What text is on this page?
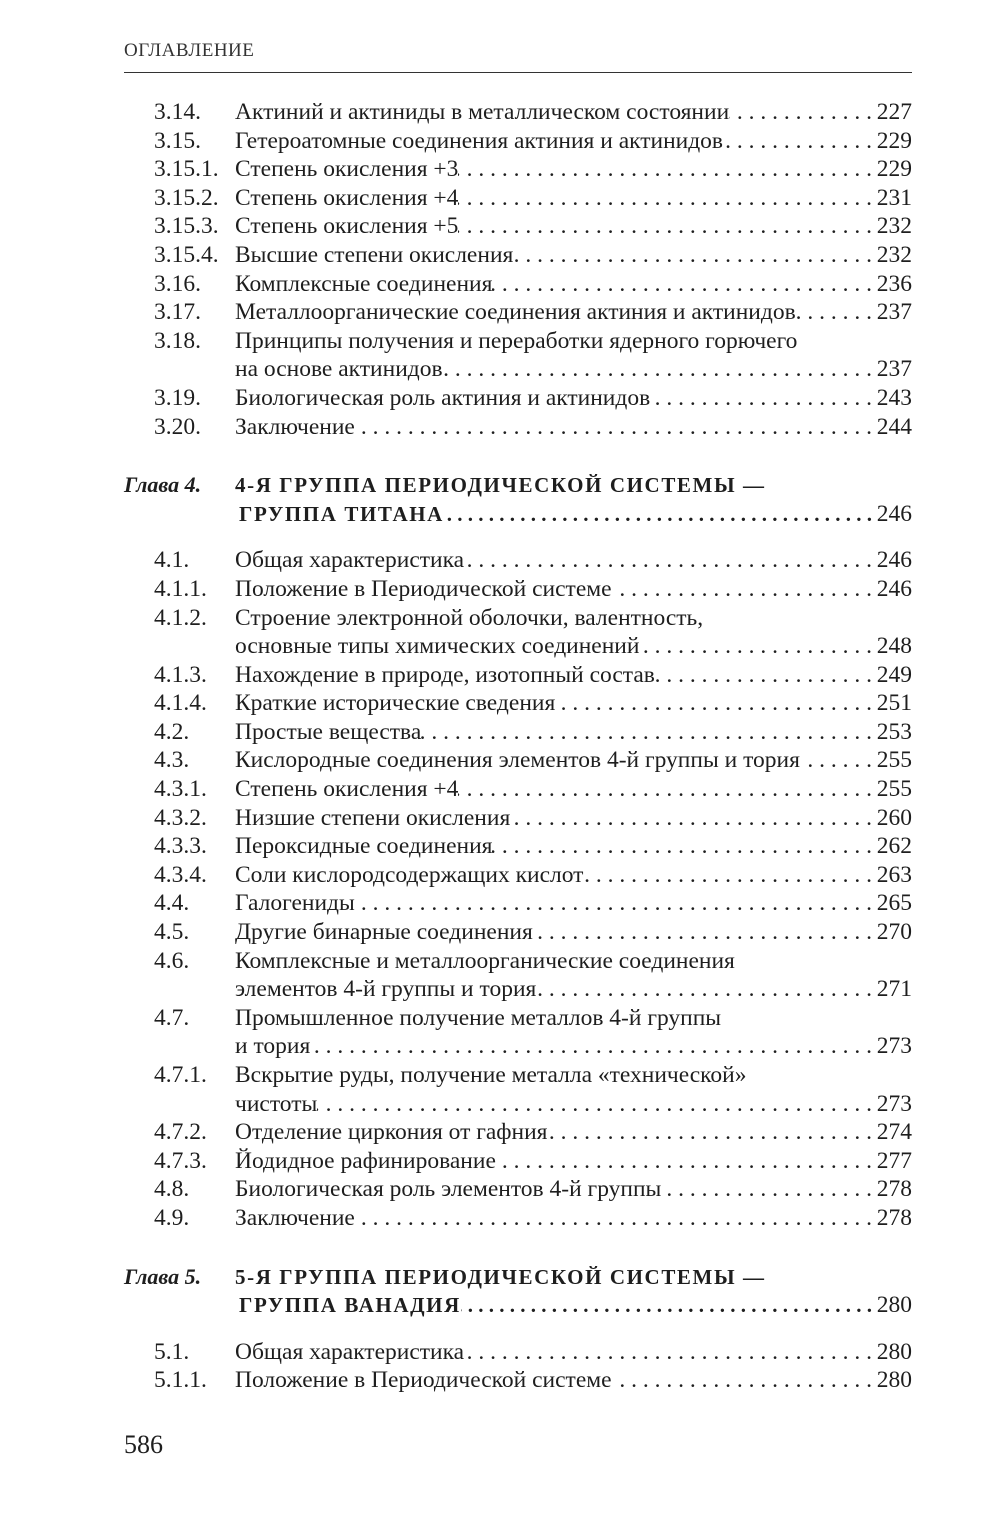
ОГЛАВЛЕНИЕ
3.14.	Актиний и актиниды в металлическом состоянии . . .	227
3.15.	Гетероатомные соединения актиния и актинидов . . .	229
3.15.1. Степень окисления +3 . . .	229
3.15.2. Степень окисления +4 . . .	231
3.15.3. Степень окисления +5 . . .	232
3.15.4. Высшие степени окисления . . .	232
3.16.	Комплексные соединения . . .	236
3.17.	Металлоорганические соединения актиния и актинидов . . .	237
3.18.	Принципы получения и переработки ядерного горючего
на основе актинидов . . .	237
3.19.	Биологическая роль актиния и актинидов . . .	243
3.20.	Заключение . . .	244
Глава 4.	4-Я ГРУППА ПЕРИОДИЧЕСКОЙ СИСТЕМЫ —
ГРУППА ТИТАНА . . .	246
4.1.	Общая характеристика . . .	246
4.1.1.	Положение в Периодической системе . . .	246
4.1.2.	Строение электронной оболочки, валентность,
основные типы химических соединений . . .	248
4.1.3.	Нахождение в природе, изотопный состав . . .	249
4.1.4.	Краткие исторические сведения . . .	251
4.2.	Простые вещества . . .	253
4.3.	Кислородные соединения элементов 4-й группы и тория . . .	255
4.3.1.	Степень окисления +4 . . .	255
4.3.2.	Низшие степени окисления . . .	260
4.3.3.	Пероксидные соединения . . .	262
4.3.4.	Соли кислородсодержащих кислот . . .	263
4.4.	Галогениды . . .	265
4.5.	Другие бинарные соединения . . .	270
4.6.	Комплексные и металлоорганические соединения
элементов 4-й группы и тория . . .	271
4.7.	Промышленное получение металлов 4-й группы
и тория . . .	273
4.7.1.	Вскрытие руды, получение металла «технической»
чистоты . . .	273
4.7.2.	Отделение циркония от гафния . . .	274
4.7.3.	Йодидное рафинирование . . .	277
4.8.	Биологическая роль элементов 4-й группы . . .	278
4.9.	Заключение . . .	278
Глава 5.	5-Я ГРУППА ПЕРИОДИЧЕСКОЙ СИСТЕМЫ —
ГРУППА ВАНАДИЯ . . .	280
5.1.	Общая характеристика . . .	280
5.1.1.	Положение в Периодической системе . . .	280
586
